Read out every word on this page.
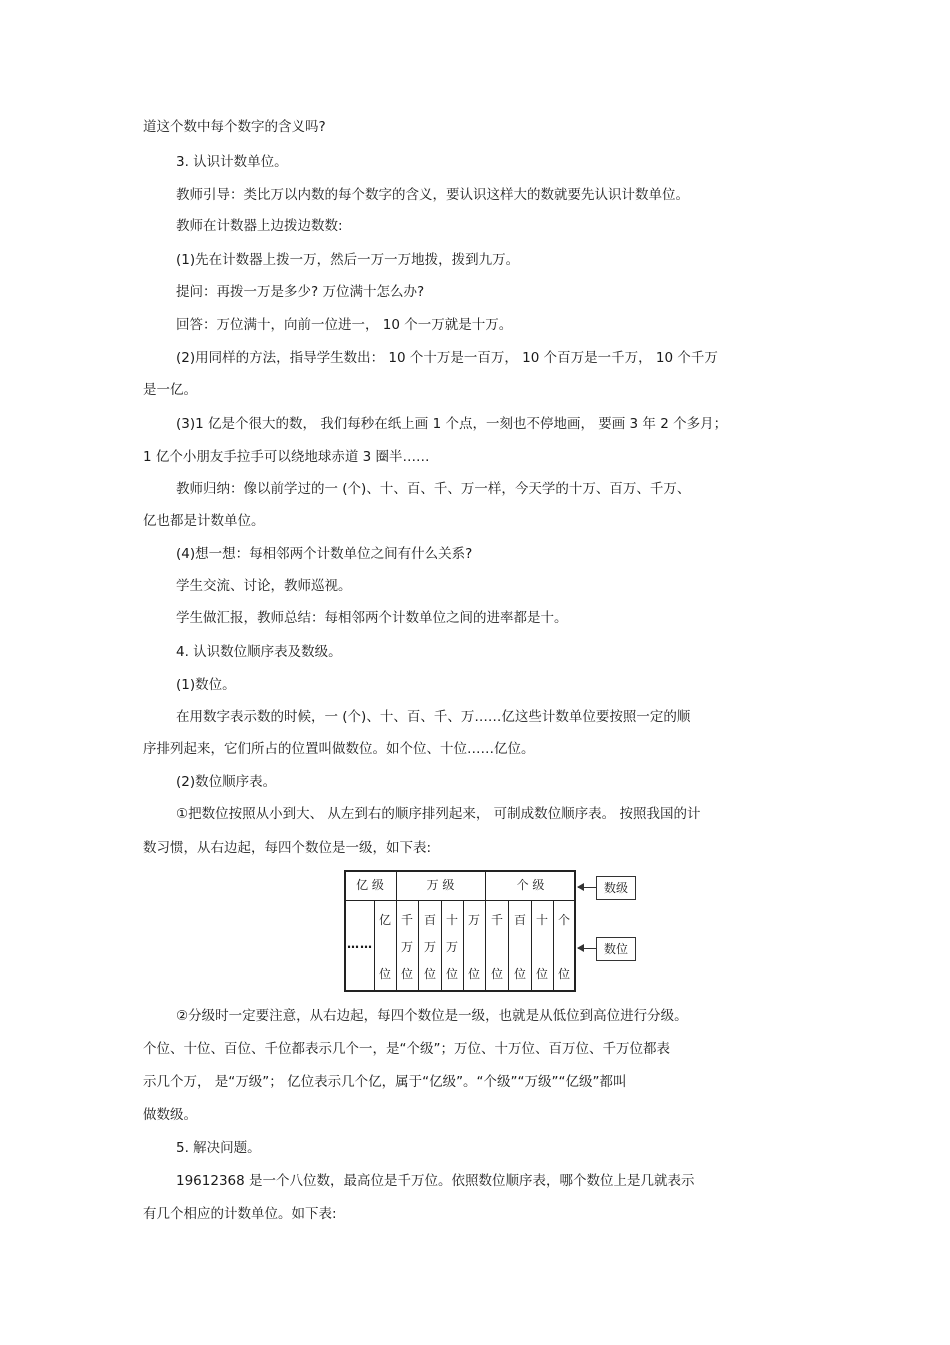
道这个数中每个数字的含义吗?
3. 认识计数单位。
教师引导：类比万以内数的每个数字的含义，要认识这样大的数就要先认识计数单位。
教师在计数器上边拨边数数:
(1)先在计数器上拨一万，然后一万一万地拨，拨到九万。
提问：再拨一万是多少? 万位满十怎么办?
回答：万位满十，向前一位进一， 10 个一万就是十万。
(2)用同样的方法，指导学生数出： 10 个十万是一百万， 10 个百万是一千万， 10 个千万
是一亿。
(3)1 亿是个很大的数， 我们每秒在纸上画 1 个点，一刻也不停地画， 要画 3 年 2 个多月；
1 亿个小朋友手拉手可以绕地球赤道 3 圈半……
教师归纳：像以前学过的一 (个)、十、百、千、万一样，今天学的十万、百万、千万、
亿也都是计数单位。
(4)想一想：每相邻两个计数单位之间有什么关系?
学生交流、讨论，教师巡视。
学生做汇报，教师总结：每相邻两个计数单位之间的进率都是十。
4. 认识数位顺序表及数级。
(1)数位。
在用数字表示数的时候，一 (个)、十、百、千、万……亿这些计数单位要按照一定的顺
序排列起来，它们所占的位置叫做数位。如个位、十位……亿位。
(2)数位顺序表。
①把数位按照从小到大、 从左到右的顺序排列起来， 可制成数位顺序表。 按照我国的计
数习惯，从右边起，每四个数位是一级，如下表:
亿 级	万 级	个 级
……
亿
位
千
万
位
百
万
位
十
万
位
万
位
千
位
百
位
十
位
个
位
数级
数位
②分级时一定要注意，从右边起，每四个数位是一级，也就是从低位到高位进行分级。
个位、十位、百位、千位都表示几个一，是“个级”；万位、十万位、百万位、千万位都表
示几个万， 是“万级”； 亿位表示几个亿，属于“亿级”。“个级”“万级”“亿级”都叫
做数级。
5. 解决问题。
19612368 是一个八位数，最高位是千万位。依照数位顺序表，哪个数位上是几就表示
有几个相应的计数单位。如下表:
